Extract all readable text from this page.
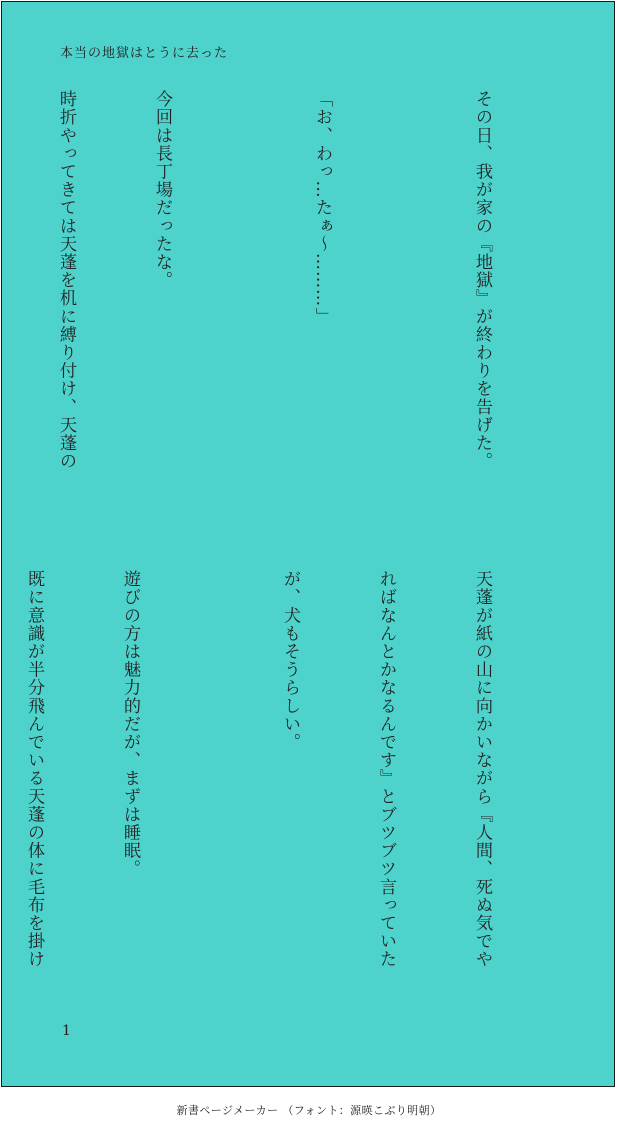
本当の地獄はとうに去った

その日、我が家の『地獄』が終わりを告げた。

「お、わっ…たぁ〜………」

今回は長丁場だったな。

時折やってきては天蓬を机に縛り付け、天蓬の

天蓬が紙の山に向かいながら『人間、死ぬ気でや

ればなんとかなるんです』とブツブツ言っていた

が、犬もそうらしい。

遊びの方は魅力的だが、まずは睡眠。

既に意識が半分飛んでいる天蓬の体に毛布を掛け

1
新書ページメーカー （フォント：源暎こぶり明朝）
